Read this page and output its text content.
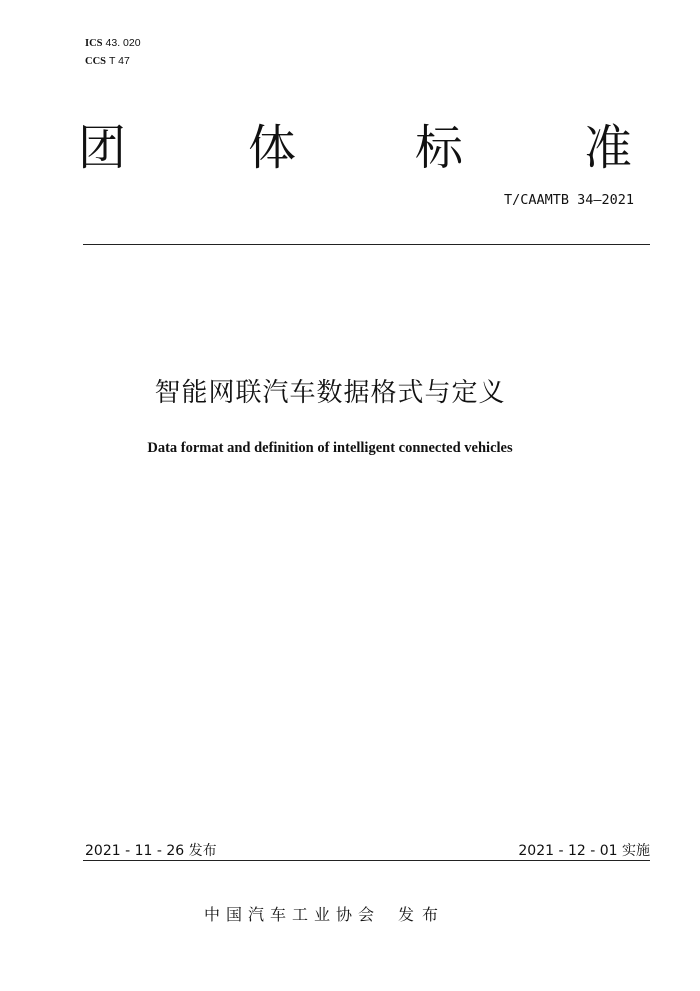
ICS 43. 020
CCS T 47
团	体 标	准
T/CAAMTB 34—2021
智能网联汽车数据格式与定义
Data format and definition of intelligent connected vehicles
2021 - 11 - 26 发布	2021 - 12 - 01 实施
中国汽车工业协会 发布
